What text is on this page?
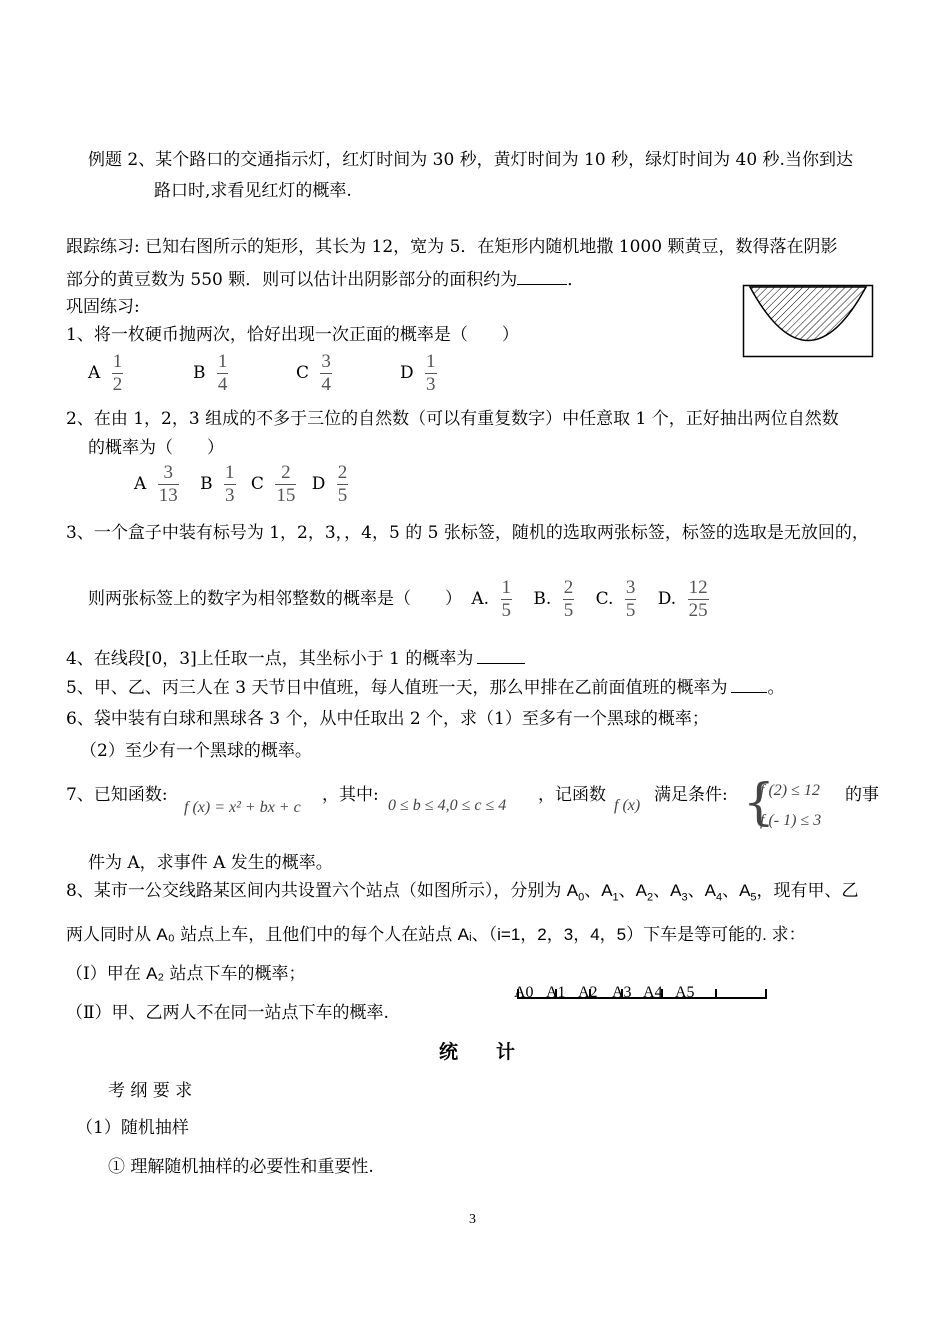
例题 2、某个路口的交通指示灯，红灯时间为 30 秒，黄灯时间为 10 秒，绿灯时间为 40 秒.当你到达
路口时,求看见红灯的概率.
跟踪练习: 已知右图所示的矩形，其长为 12，宽为 5．在矩形内随机地撒 1000 颗黄豆，数得落在阴影
部分的黄豆数为 550 颗．则可以估计出阴影部分的面积约为	．
巩固练习:
1、将一枚硬币抛两次，恰好出现一次正面的概率是（　　）
A $\frac{1}{2}$	B $\frac{1}{4}$	C $\frac{3}{4}$	D $\frac{1}{3}$
2、在由 1，2，3 组成的不多于三位的自然数（可以有重复数字）中任意取 1 个，正好抽出两位自然数
的概率为（　　）
A $\frac{3}{13}$ B $\frac{1}{3}$ C $\frac{2}{15}$ D $\frac{2}{5}$
3、一个盒子中装有标号为 1，2，3，，4，5 的 5 张标签，随机的选取两张标签，标签的选取是无放回的，
则两张标签上的数字为相邻整数的概率是（　　） A. $\frac{1}{5} B$. $\frac{2}{5} C$. $\frac{3}{5} D$. $\frac{12}{25}$
4、在线段[0，3]上任取一点，其坐标小于 1 的概率为
5、甲、乙、丙三人在 3 天节日中值班，每人值班一天，那么甲排在乙前面值班的概率为 。
6、袋中装有白球和黑球各 3 个，从中任取出 2 个，求（1）至多有一个黑球的概率；
（2）至少有一个黑球的概率。
7、已知函数:
f (x) = x² + bx + c
，其中:
0 ≤ b ≤ 4,0 ≤ c ≤ 4
，记函数
f (x)
满足条件: {
f (2) ≤ 12
f (- 1) ≤ 3
的事
件为 A，求事件 A 发生的概率。
8、某市一公交线路某区间内共设置六个站点（如图所示），分别为 $A_0$、$A_1$、$A_2$、$A_3$、$A_4$、$A_5$，现有甲、乙
两人同时从 A₀ 站点上车，且他们中的每个人在站点 Aᵢ、（i=1，2，3，4，5）下车是等可能的. 求：
（Ⅰ）甲在 A₂ 站点下车的概率；
（Ⅱ）甲、乙两人不在同一站点下车的概率.
A0 A1 A2 A3 A4 A5
统　　计
考 纲 要 求
（1）随机抽样
① 理解随机抽样的必要性和重要性.
3
